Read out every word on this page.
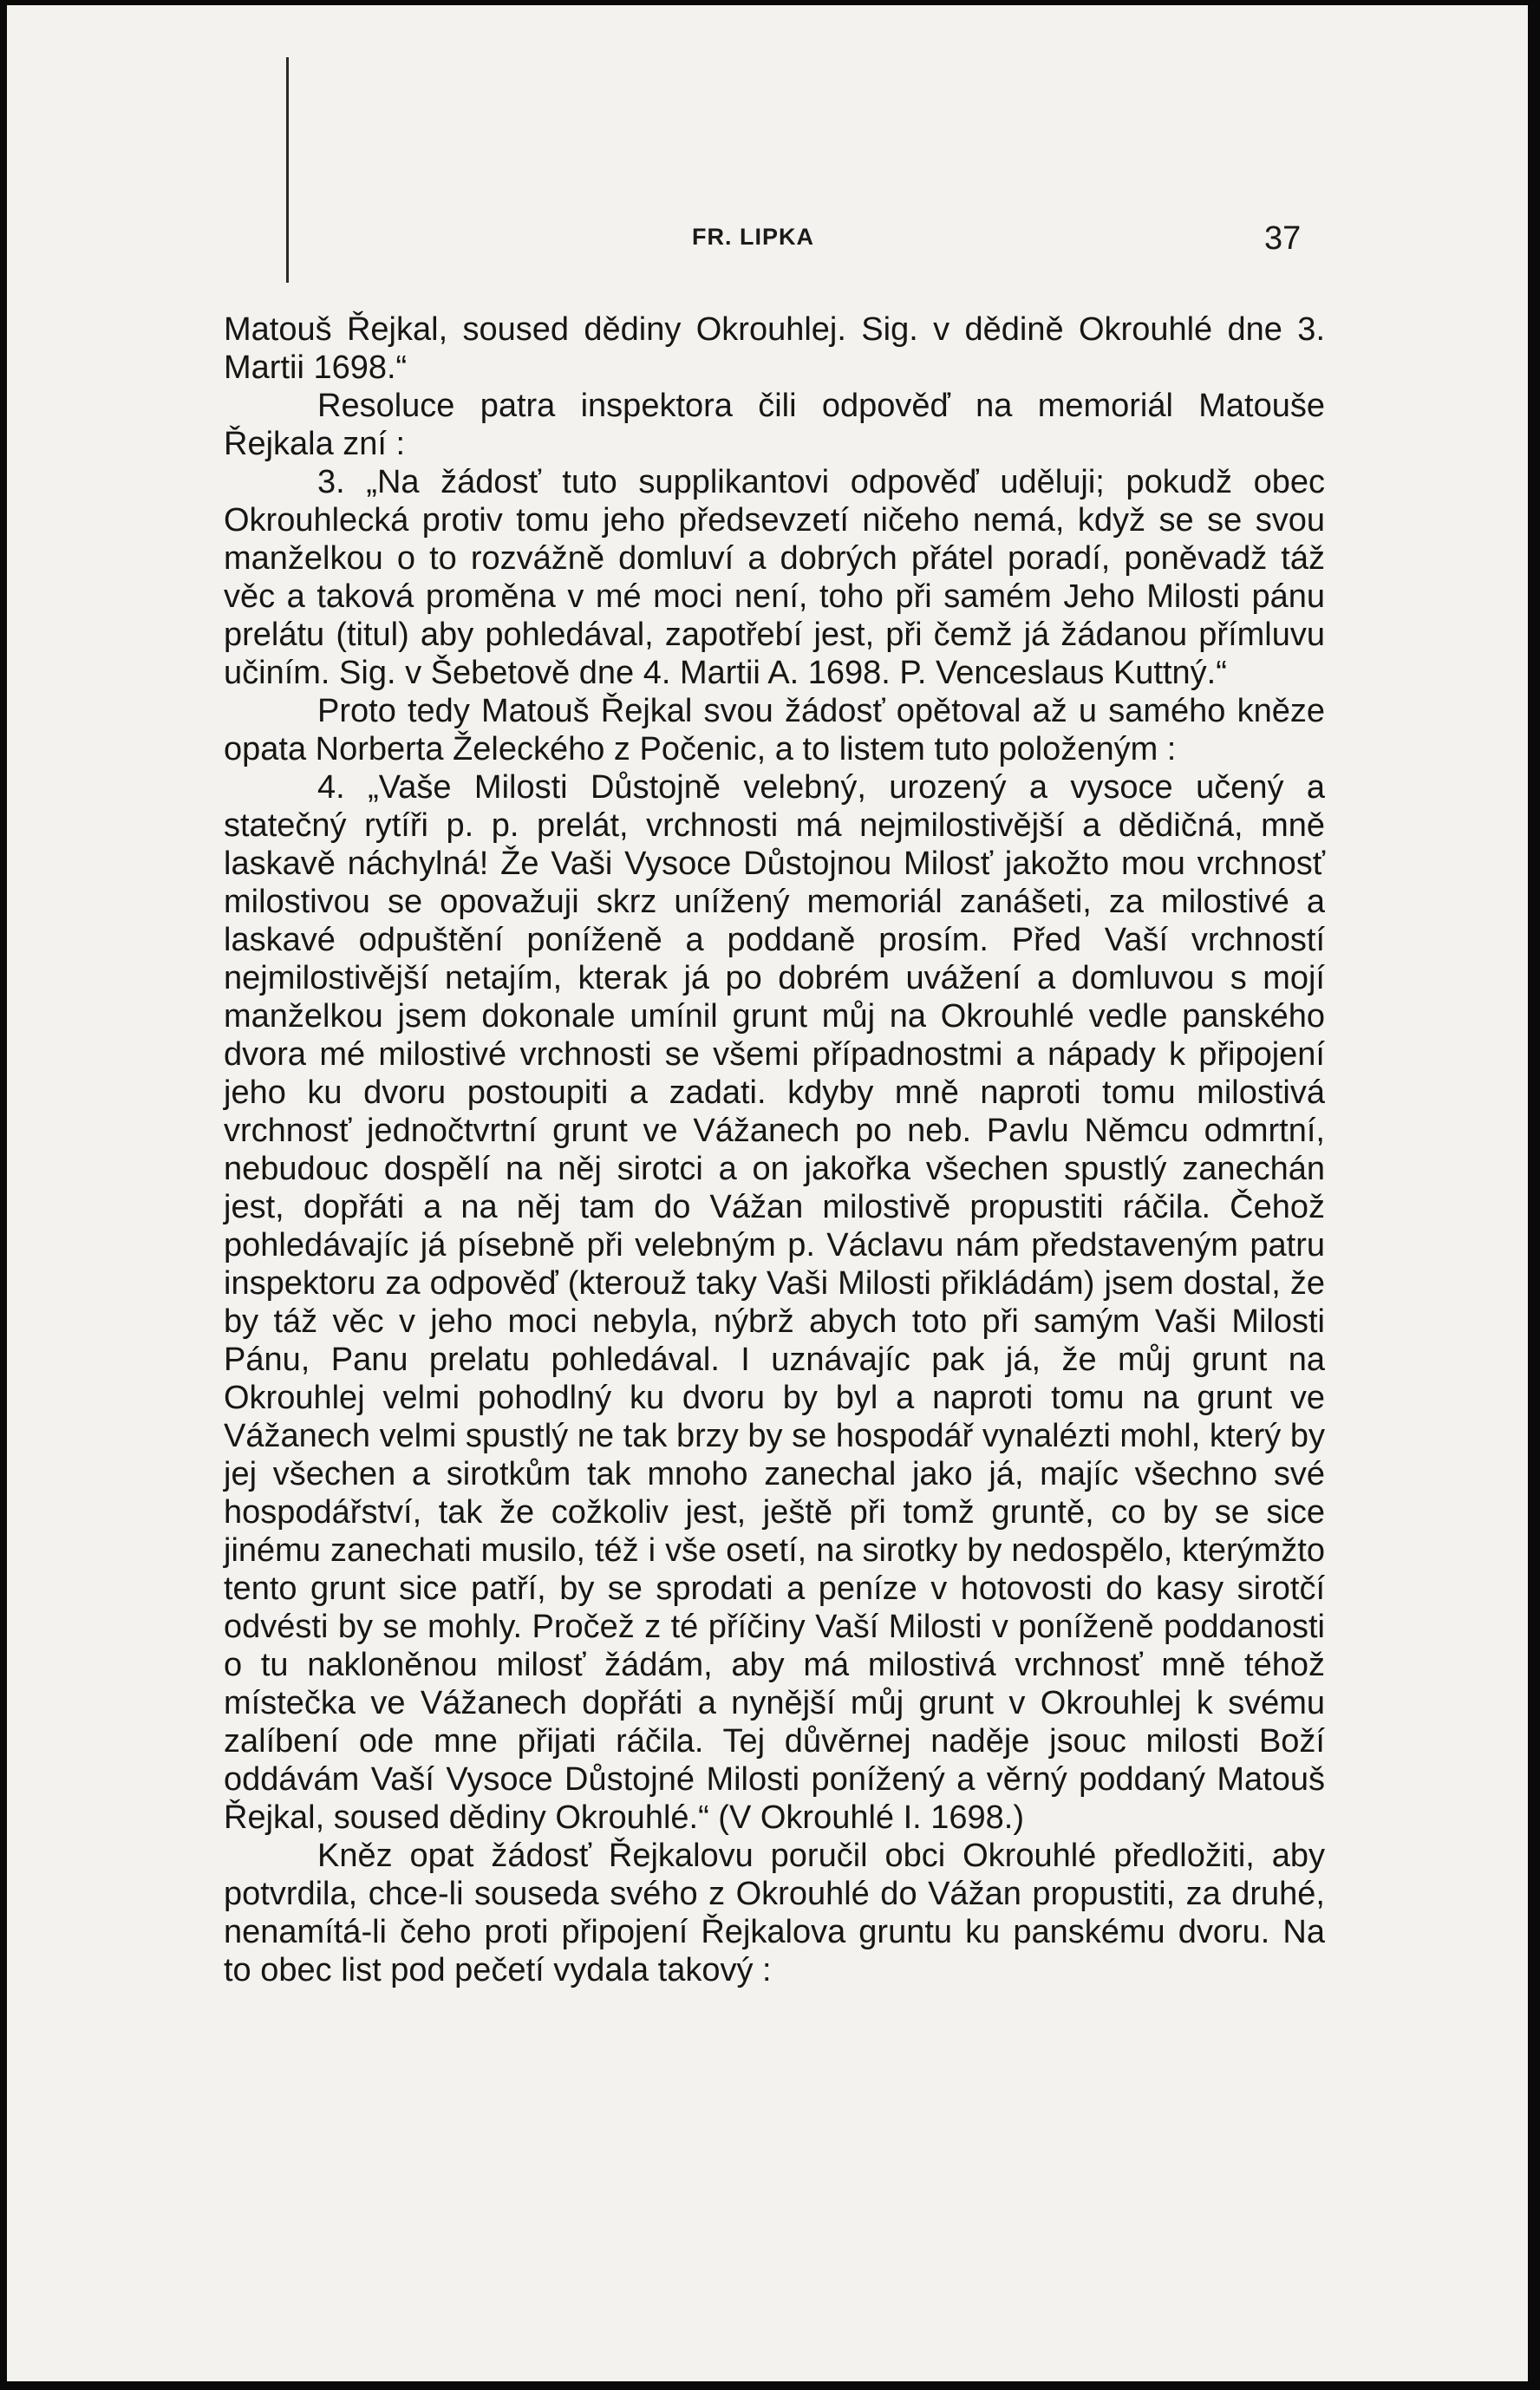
FR. LIPKA	37

Matouš Řejkal, soused dědiny Okrouhlej. Sig. v dědině Okrouhlé dne 3. Martii 1698.“

Resoluce patra inspektora čili odpověď na memoriál Matouše Řejkala zní :

3. „Na žádosť tuto supplikantovi odpověď uděluji; pokudž obec Okrouhlecká protiv tomu jeho předsevzetí ničeho nemá, když se se svou manželkou o to rozvážně domluví a dobrých přátel poradí, poněvadž táž věc a taková proměna v mé moci není, toho při samém Jeho Milosti pánu prelátu (titul) aby pohledával, zapotřebí jest, při čemž já žádanou přímluvu učiním. Sig. v Šebetově dne 4. Martii A. 1698. P. Venceslaus Kuttný.“

Proto tedy Matouš Řejkal svou žádosť opětoval až u samého kněze opata Norberta Želeckého z Počenic, a to listem tuto položeným :

4. „Vaše Milosti Důstojně velebný, urozený a vysoce učený a statečný rytíři p. p. prelát, vrchnosti má nejmilostivější a dědičná, mně laskavě náchylná! Že Vaši Vysoce Důstojnou Milosť jakožto mou vrchnosť milostivou se opovažuji skrz unížený memoriál zanášeti, za milostivé a laskavé odpuštění poníženě a poddaně prosím. Před Vaší vrchností nejmilostivější netajím, kterak já po dobrém uvážení a domluvou s mojí manželkou jsem dokonale umínil grunt můj na Okrouhlé vedle panského dvora mé milostivé vrchnosti se všemi případnostmi a nápady k připojení jeho ku dvoru postoupiti a zadati. kdyby mně naproti tomu milostivá vrchnosť jednočtvrtní grunt ve Vážanech po neb. Pavlu Němcu odmrtní, nebudouc dospělí na něj sirotci a on jakořka všechen spustlý zanechán jest, dopřáti a na něj tam do Vážan milostivě propustiti ráčila. Čehož pohledávajíc já písebně při velebným p. Václavu nám představeným patru inspektoru za odpověď (kterouž taky Vaši Milosti přikládám) jsem dostal, že by táž věc v jeho moci nebyla, nýbrž abych toto při samým Vaši Milosti Pánu, Panu prelatu pohledával. I uznávajíc pak já, že můj grunt na Okrouhlej velmi pohodlný ku dvoru by byl a naproti tomu na grunt ve Vážanech velmi spustlý ne tak brzy by se hospodář vynalézti mohl, který by jej všechen a sirotkům tak mnoho zanechal jako já, majíc všechno své hospodářství, tak že cožkoliv jest, ještě při tomž gruntě, co by se sice jinému zanechati musilo, též i vše osetí, na sirotky by nedospělo, kterýmžto tento grunt sice patří, by se sprodati a peníze v hotovosti do kasy sirotčí odvésti by se mohly. Pročež z té příčiny Vaší Milosti v poníženě poddanosti o tu nakloněnou milosť žádám, aby má milostivá vrchnosť mně téhož místečka ve Vážanech dopřáti a nynější můj grunt v Okrouhlej k svému zalíbení ode mne přijati ráčila. Tej důvěrnej naděje jsouc milosti Boží oddávám Vaší Vysoce Důstojné Milosti ponížený a věrný poddaný Matouš Řejkal, soused dědiny Okrouhlé.“ (V Okrouhlé I. 1698.)

Kněz opat žádosť Řejkalovu poručil obci Okrouhlé předložiti, aby potvrdila, chce-li souseda svého z Okrouhlé do Vážan propustiti, za druhé, nenamítá-li čeho proti připojení Řejkalova gruntu ku panskému dvoru. Na to obec list pod pečetí vydala takový :
